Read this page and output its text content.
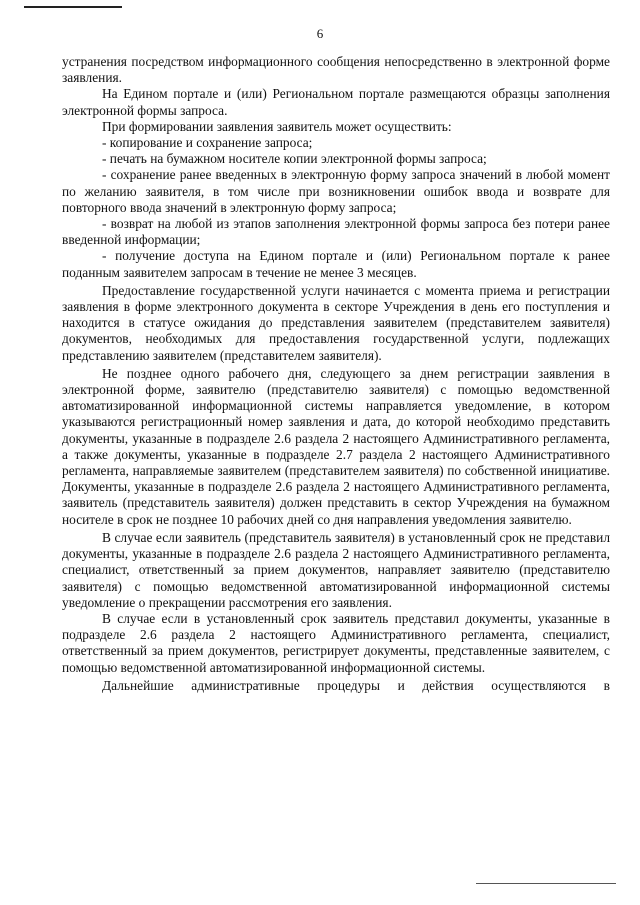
6

устранения посредством информационного сообщения непосредственно в электронной форме заявления.

На Едином портале и (или) Региональном портале размещаются образцы заполнения электронной формы запроса.

При формировании заявления заявитель может осуществить:

- копирование и сохранение запроса;

- печать на бумажном носителе копии электронной формы запроса;

- сохранение ранее введенных в электронную форму запроса значений в любой момент по желанию заявителя, в том числе при возникновении ошибок ввода и возврате для повторного ввода значений в электронную форму запроса;

- возврат на любой из этапов заполнения электронной формы запроса без потери ранее введенной информации;

- получение доступа на Едином портале и (или) Региональном портале к ранее поданным заявителем запросам в течение не менее 3 месяцев.

Предоставление государственной услуги начинается с момента приема и регистрации заявления в форме электронного документа в секторе Учреждения в день его поступления и находится в статусе ожидания до представления заявителем (представителем заявителя) документов, необходимых для предоставления государственной услуги, подлежащих представлению заявителем (представителем заявителя).

Не позднее одного рабочего дня, следующего за днем регистрации заявления в электронной форме, заявителю (представителю заявителя) с помощью ведомственной автоматизированной информационной системы направляется уведомление, в котором указываются регистрационный номер заявления и дата, до которой необходимо представить документы, указанные в подразделе 2.6 раздела 2 настоящего Административного регламента, а также документы, указанные в подразделе 2.7 раздела 2 настоящего Административного регламента, направляемые заявителем (представителем заявителя) по собственной инициативе. Документы, указанные в подразделе 2.6 раздела 2 настоящего Административного регламента, заявитель (представитель заявителя) должен представить в сектор Учреждения на бумажном носителе в срок не позднее 10 рабочих дней со дня направления уведомления заявителю.

В случае если заявитель (представитель заявителя) в установленный срок не представил документы, указанные в подразделе 2.6 раздела 2 настоящего Административного регламента, специалист, ответственный за прием документов, направляет заявителю (представителю заявителя) с помощью ведомственной автоматизированной информационной системы уведомление о прекращении рассмотрения его заявления.

В случае если в установленный срок заявитель представил документы, указанные в подразделе 2.6 раздела 2 настоящего Административного регламента, специалист, ответственный за прием документов, регистрирует документы, представленные заявителем, с помощью ведомственной автоматизированной информационной системы.

Дальнейшие административные процедуры и действия осуществляются в
